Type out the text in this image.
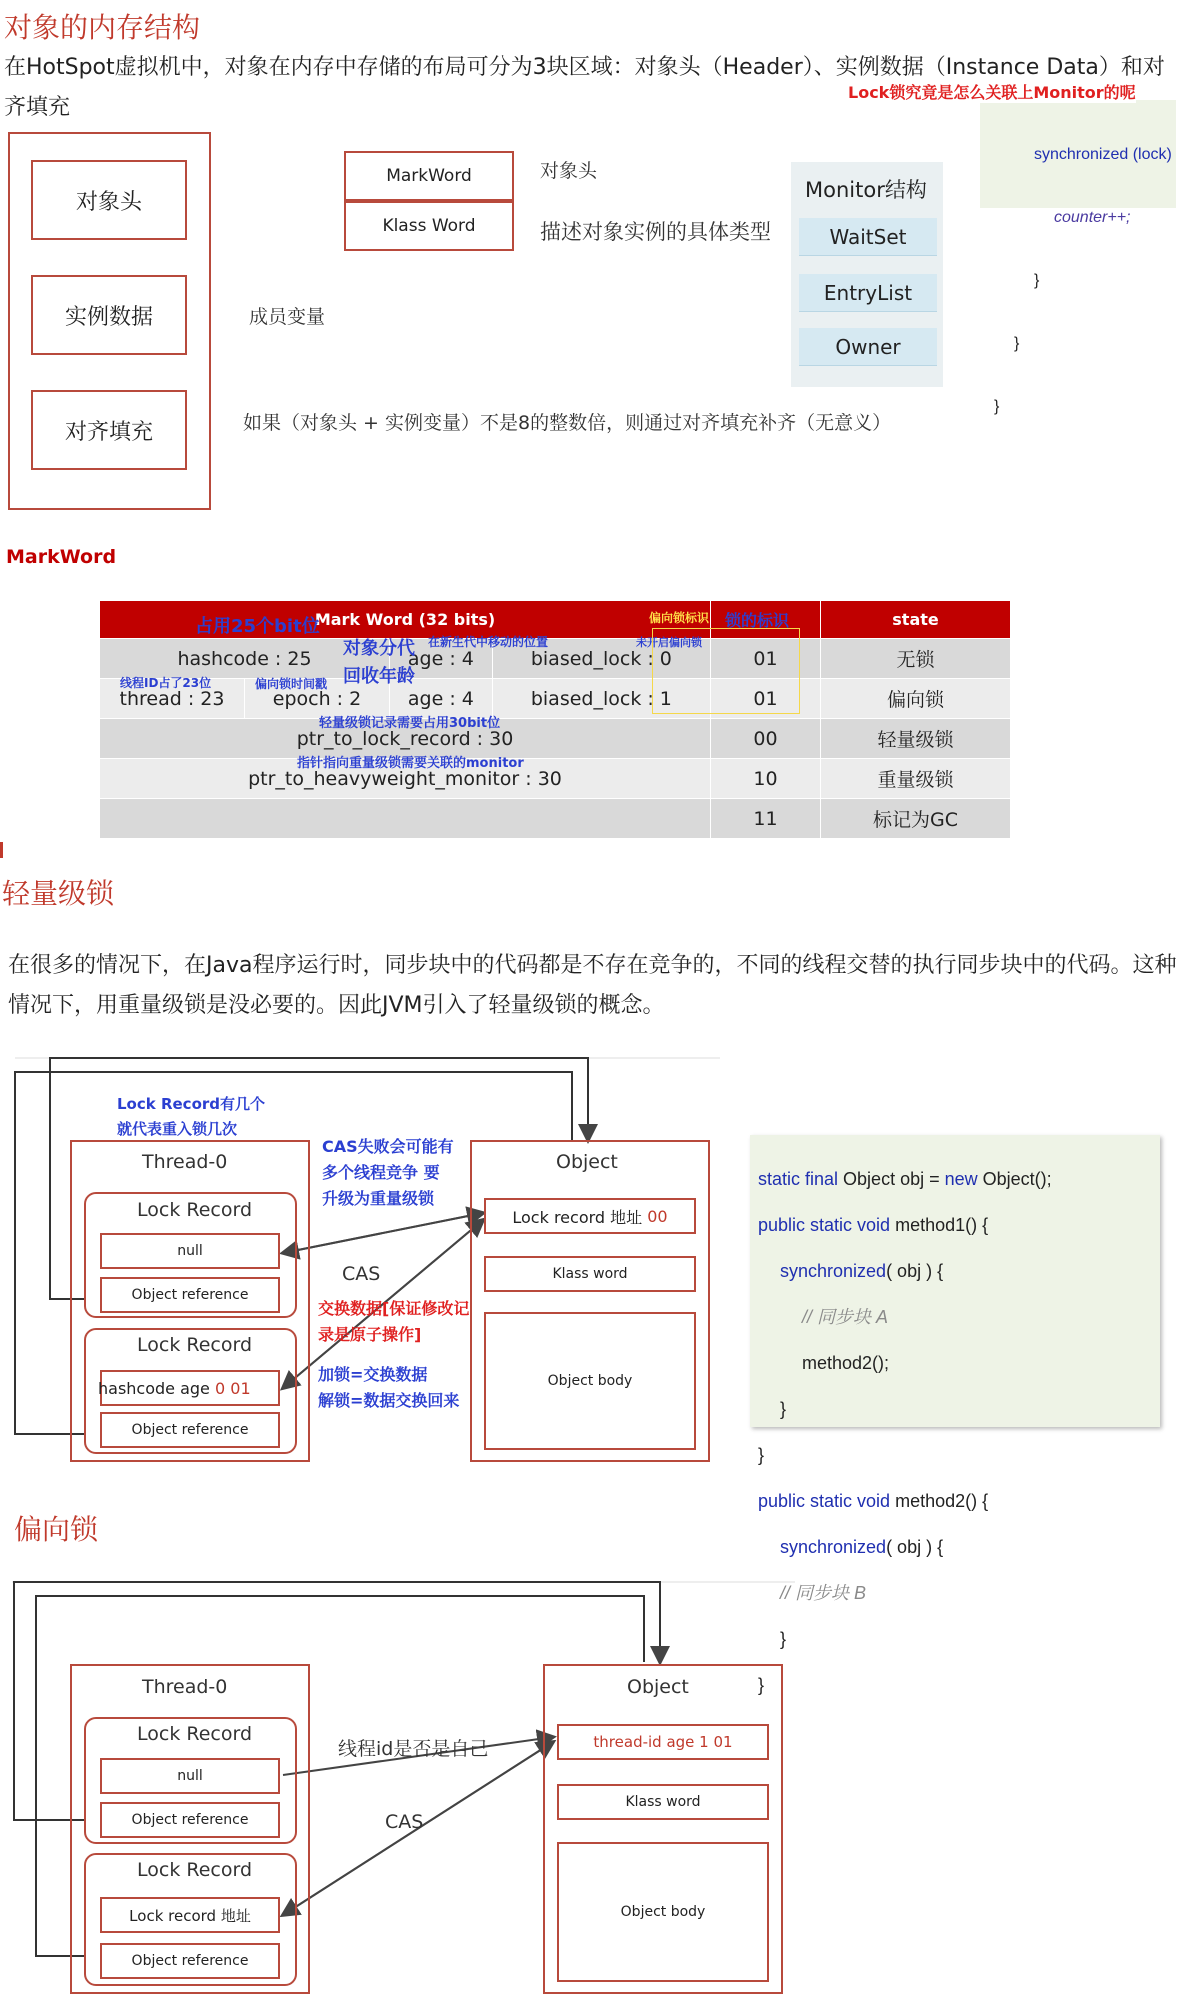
对象的内存结构
在HotSpot虚拟机中，对象在内存中存储的布局可分为3块区域：对象头（Header）、实例数据（Instance Data）和对
齐填充
对象头
实例数据
对齐填充
MarkWord
Klass Word
对象头
描述对象实例的具体类型
成员变量
如果（对象头 + 实例变量）不是8的整数倍，则通过对齐填充补齐（无意义）

synchronized (lock)

counter++;

}

}

}

Lock锁究竟是怎么关联上Monitor的呢
Monitor结构
WaitSet
EntryList
Owner
MarkWord
Mark Word (32 bits)					state
hashcode : 25		age : 4	biased_lock : 0	01	无锁
thread : 23	epoch : 2	age : 4	biased_lock : 1	01	偏向锁
ptr_to_lock_record : 30				00	轻量级锁
ptr_to_heavyweight_monitor : 30				10	重量级锁
				11	标记为GC
占用25个bit位
对象分代 在新生代中移动的位置
回收年龄
线程ID占了23位	偏向锁时间戳
偏向锁标识 锁的标识
未开启偏向锁
轻量级锁记录需要占用30bit位
指针指向重量级锁需要关联的monitor
轻量级锁
在很多的情况下，在Java程序运行时，同步块中的代码都是不存在竞争的，不同的线程交替的执行同步块中的代码。这种
情况下，用重量级锁是没必要的。因此JVM引入了轻量级锁的概念。
Thread-0
Lock Record
null
Object reference
Lock Record
hashcode age
0 01
Object reference
Object
Lock record 地址
00
Klass word
Object body
CAS
Lock Record有几个
就代表重入锁几次
CAS失败会可能有
多个线程竞争 要
升级为重量级锁
交换数据[保证修改记
录是原子操作]
加锁=交换数据
解锁=数据交换回来

static final Object obj = new Object();

public static void method1() {

synchronized( obj ) {

// 同步块 A

method2();

}

}

public static void method2() {

synchronized( obj ) {

// 同步块 B

}

}

偏向锁
Thread-0
Lock Record
null
Object reference
Lock Record
Lock record 地址
Object reference
Object
thread-id age 1 01
Klass word
Object body
线程id是否是自己
CAS
